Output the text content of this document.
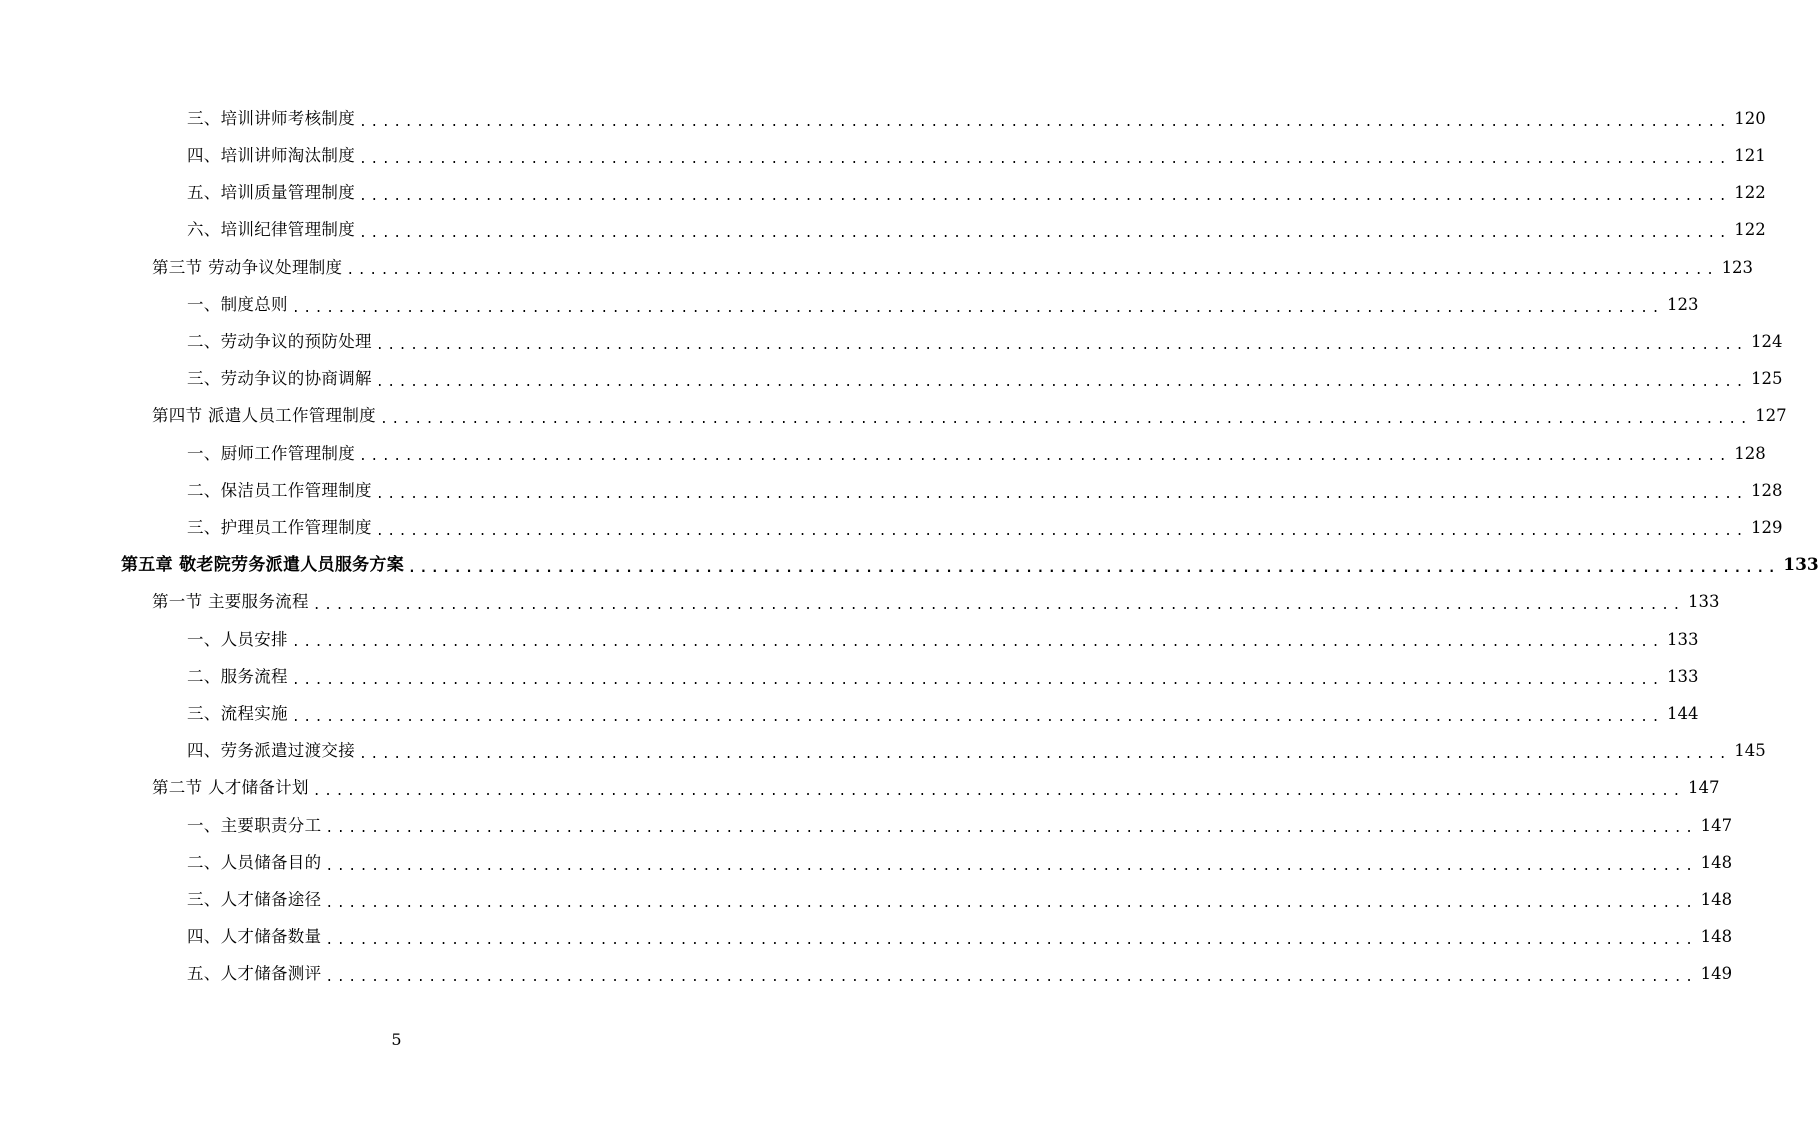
三、培训讲师考核制度 ........................................................................................................................ 120
四、培训讲师淘汰制度 ........................................................................................................................ 121
五、培训质量管理制度 ........................................................................................................................ 122
六、培训纪律管理制度 ........................................................................................................................ 122
第三节 劳动争议处理制度 ........................................................................................................................ 123
一、制度总则 ........................................................................................................................ 123
二、劳动争议的预防处理 ........................................................................................................................ 124
三、劳动争议的协商调解 ........................................................................................................................ 125
第四节 派遣人员工作管理制度 ........................................................................................................................ 127
一、厨师工作管理制度 ........................................................................................................................ 128
二、保洁员工作管理制度 ........................................................................................................................ 128
三、护理员工作管理制度 ........................................................................................................................ 129
第五章 敬老院劳务派遣人员服务方案 ........................................................................................................................ 133
第一节 主要服务流程 ........................................................................................................................ 133
一、人员安排 ........................................................................................................................ 133
二、服务流程 ........................................................................................................................ 133
三、流程实施 ........................................................................................................................ 144
四、劳务派遣过渡交接 ........................................................................................................................ 145
第二节 人才储备计划 ........................................................................................................................ 147
一、主要职责分工 ........................................................................................................................ 147
二、人员储备目的 ........................................................................................................................ 148
三、人才储备途径 ........................................................................................................................ 148
四、人才储备数量 ........................................................................................................................ 148
五、人才储备测评 ........................................................................................................................ 149
5
